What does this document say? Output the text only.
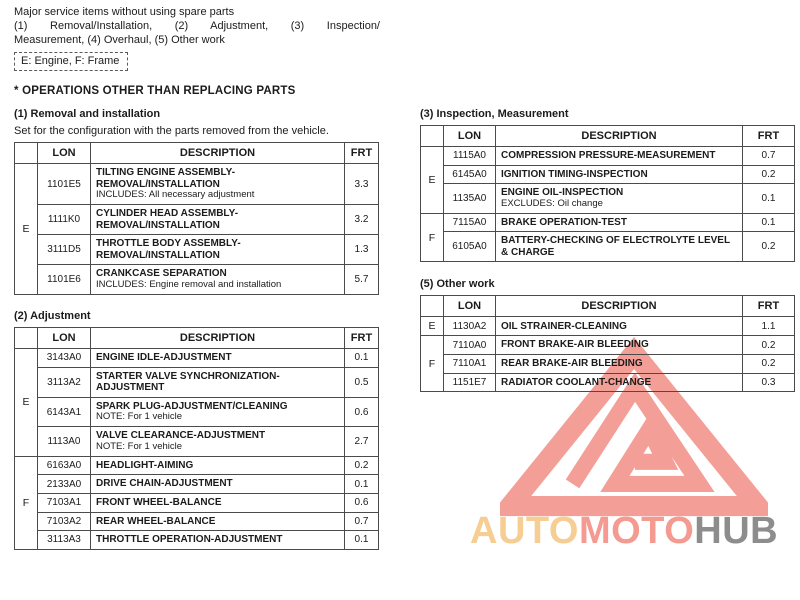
AUTOMOTOHUB
Major service items without using spare parts
(1) Removal/Installation, (2) Adjustment, (3) Inspection/
Measurement, (4) Overhaul, (5) Other work
E: Engine, F: Frame
* OPERATIONS OTHER THAN REPLACING PARTS
(1) Removal and installation
Set for the configuration with the parts removed from the vehicle.
	LON	DESCRIPTION	FRT
E	1101E5	TILTING ENGINE ASSEMBLY-REMOVAL/INSTALLATION
INCLUDES: All necessary adjustment	3.3
	1111K0	CYLINDER HEAD ASSEMBLY-REMOVAL/INSTALLATION	3.2
	3111D5	THROTTLE BODY ASSEMBLY-REMOVAL/INSTALLATION	1.3
	1101E6	CRANKCASE SEPARATION
INCLUDES: Engine removal and installation	5.7
(2) Adjustment
	LON	DESCRIPTION	FRT
E	3143A0	ENGINE IDLE-ADJUSTMENT	0.1
	3113A2	STARTER VALVE SYNCHRONIZATION-ADJUSTMENT	0.5
	6143A1	SPARK PLUG-ADJUSTMENT/CLEANING
NOTE: For 1 vehicle	0.6
	1113A0	VALVE CLEARANCE-ADJUSTMENT
NOTE: For 1 vehicle	2.7
F	6163A0	HEADLIGHT-AIMING	0.2
	2133A0	DRIVE CHAIN-ADJUSTMENT	0.1
	7103A1	FRONT WHEEL-BALANCE	0.6
	7103A2	REAR WHEEL-BALANCE	0.7
	3113A3	THROTTLE OPERATION-ADJUSTMENT	0.1
(3) Inspection, Measurement
	LON	DESCRIPTION	FRT
E	1115A0	COMPRESSION PRESSURE-MEASUREMENT	0.7
	6145A0	IGNITION TIMING-INSPECTION	0.2
	1135A0	ENGINE OIL-INSPECTION
EXCLUDES: Oil change	0.1
F	7115A0	BRAKE OPERATION-TEST	0.1
	6105A0	BATTERY-CHECKING OF ELECTROLYTE LEVEL & CHARGE	0.2
(5) Other work
	LON	DESCRIPTION	FRT
E	1130A2	OIL STRAINER-CLEANING	1.1
F	7110A0	FRONT BRAKE-AIR BLEEDING	0.2
	7110A1	REAR BRAKE-AIR BLEEDING	0.2
	1151E7	RADIATOR COOLANT-CHANGE	0.3
